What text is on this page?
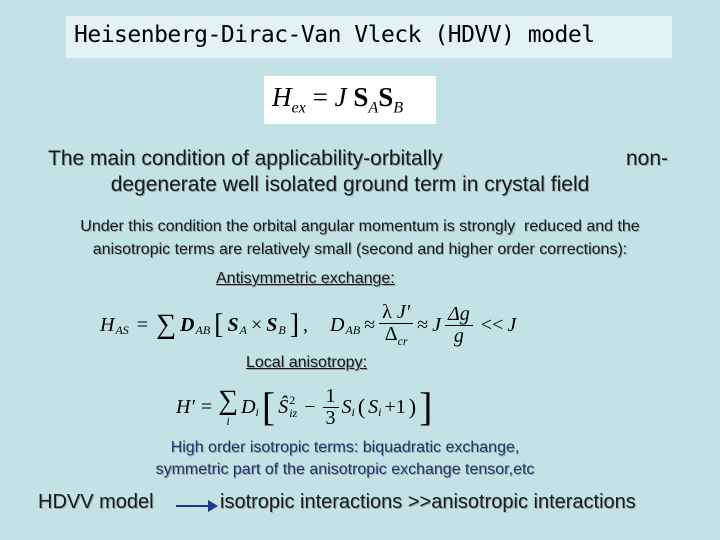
Heisenberg-Dirac-Van Vleck (HDVV) model
$H_{ex} = J$ $S_AS_B$
The main condition of applicability-orbitally	non-
degenerate well isolated ground term in crystal field
Under this condition the orbital angular momentum is strongly  reduced and the
anisotropic terms are relatively small (second and higher order corrections):
Antisymmetric exchange:
$H_{AS}$ = ∑ $D_{AB}$ [ $S_A \times S_B$ ] , $D_{AB} \approx \frac{\text{λ J′}}{\Delta_{cr}} \approx J \frac{\Delta g}{g} << J$
Local anisotropy:
H′ = ∑
i
$D_i$ [ Ŝ 2
iz − $\frac{1}{3} S_i$ ( $S_i +1$ ) ]
High order isotropic terms: biquadratic exchange,
symmetric part of the anisotropic exchange tensor,etc
HDVV model	isotropic interactions >>anisotropic interactions
